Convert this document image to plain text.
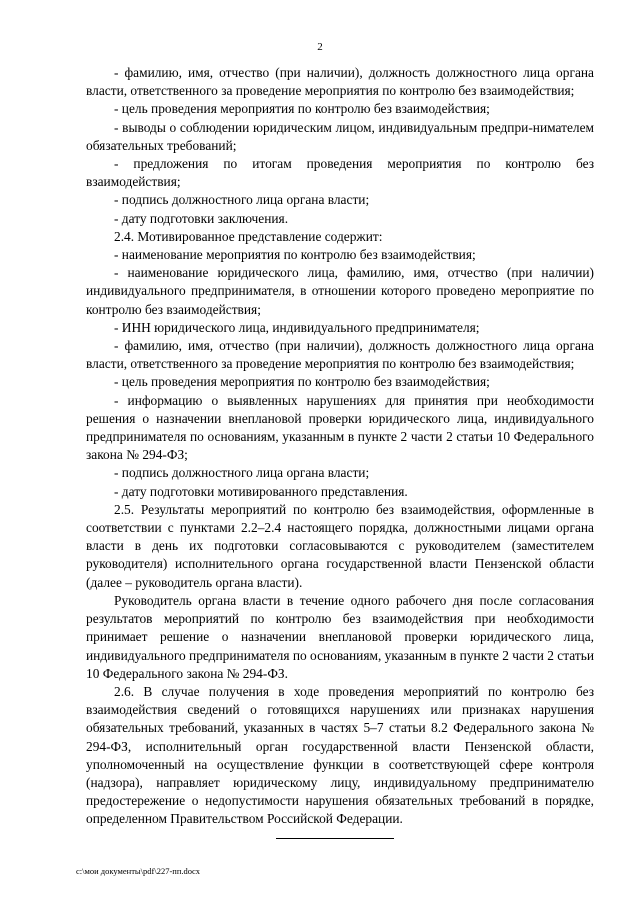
2

- фамилию, имя, отчество (при наличии), должность должностного лица органа власти, ответственного за проведение мероприятия по контролю без взаимодействия;

- цель проведения мероприятия по контролю без взаимодействия;

- выводы о соблюдении юридическим лицом, индивидуальным предпри-нимателем обязательных требований;

- предложения по итогам проведения мероприятия по контролю без взаимодействия;

- подпись должностного лица органа власти;

- дату подготовки заключения.

2.4. Мотивированное представление содержит:

- наименование мероприятия по контролю без взаимодействия;

- наименование юридического лица, фамилию, имя, отчество (при наличии) индивидуального предпринимателя, в отношении которого проведено мероприятие по контролю без взаимодействия;

- ИНН юридического лица, индивидуального предпринимателя;

- фамилию, имя, отчество (при наличии), должность должностного лица органа власти, ответственного за проведение мероприятия по контролю без взаимодействия;

- цель проведения мероприятия по контролю без взаимодействия;

- информацию о выявленных нарушениях для принятия при необходимости решения о назначении внеплановой проверки юридического лица, индивидуального предпринимателя по основаниям, указанным в пункте 2 части 2 статьи 10 Федерального закона № 294-ФЗ;

- подпись должностного лица органа власти;

- дату подготовки мотивированного представления.

2.5. Результаты мероприятий по контролю без взаимодействия, оформленные в соответствии с пунктами 2.2–2.4 настоящего порядка, должностными лицами органа власти в день их подготовки согласовываются с руководителем (заместителем руководителя) исполнительного органа государственной власти Пензенской области (далее – руководитель органа власти).

Руководитель органа власти в течение одного рабочего дня после согласования результатов мероприятий по контролю без взаимодействия при необходимости принимает решение о назначении внеплановой проверки юридического лица, индивидуального предпринимателя по основаниям, указанным в пункте 2 части 2 статьи 10 Федерального закона № 294-ФЗ.

2.6. В случае получения в ходе проведения мероприятий по контролю без взаимодействия сведений о готовящихся нарушениях или признаках нарушения обязательных требований, указанных в частях 5–7 статьи 8.2 Федерального закона № 294-ФЗ, исполнительный орган государственной власти Пензенской области, уполномоченный на осуществление функции в соответствующей сфере контроля (надзора), направляет юридическому лицу, индивидуальному предпринимателю предостережение о недопустимости нарушения обязательных требований в порядке, определенном Правительством Российской Федерации.

c:\мои документы\pdf\227-пп.docx
